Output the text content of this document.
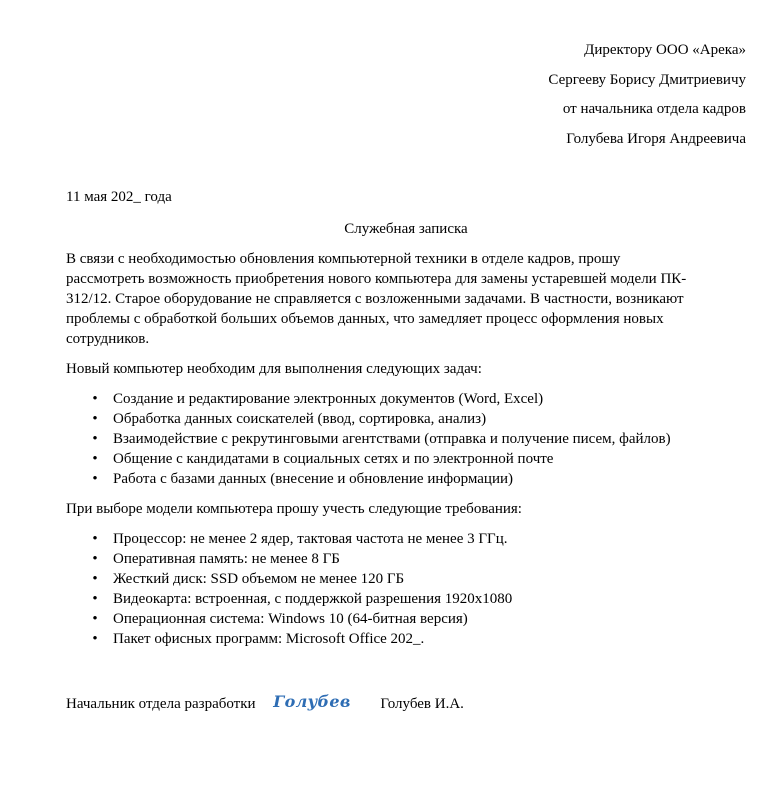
Директору ООО «Арека»
Сергееву Борису Дмитриевичу
от начальника отдела кадров
Голубева Игоря Андреевича
11 мая 202_ года
Служебная записка

В связи с необходимостью обновления компьютерной техники в отделе кадров, прошу
рассмотреть возможность приобретения нового компьютера для замены устаревшей модели ПК-
312/12. Старое оборудование не справляется с возложенными задачами. В частности, возникают
проблемы с обработкой больших объемов данных, что замедляет процесс оформления новых
сотрудников.

Новый компьютер необходим для выполнения следующих задач:

• Создание и редактирование электронных документов (Word, Excel)
• Обработка данных соискателей (ввод, сортировка, анализ)
• Взаимодействие с рекрутинговыми агентствами (отправка и получение писем, файлов)
• Общение с кандидатами в социальных сетях и по электронной почте
• Работа с базами данных (внесение и обновление информации)

При выборе модели компьютера прошу учесть следующие требования:

• Процессор: не менее 2 ядер, тактовая частота не менее 3 ГГц.
• Оперативная память: не менее 8 ГБ
• Жесткий диск: SSD объемом не менее 120 ГБ
• Видеокарта: встроенная, с поддержкой разрешения 1920x1080
• Операционная система: Windows 10 (64-битная версия)
• Пакет офисных программ: Microsoft Office 202_.
Начальник отдела разработки Голубев Голубев И.А.
